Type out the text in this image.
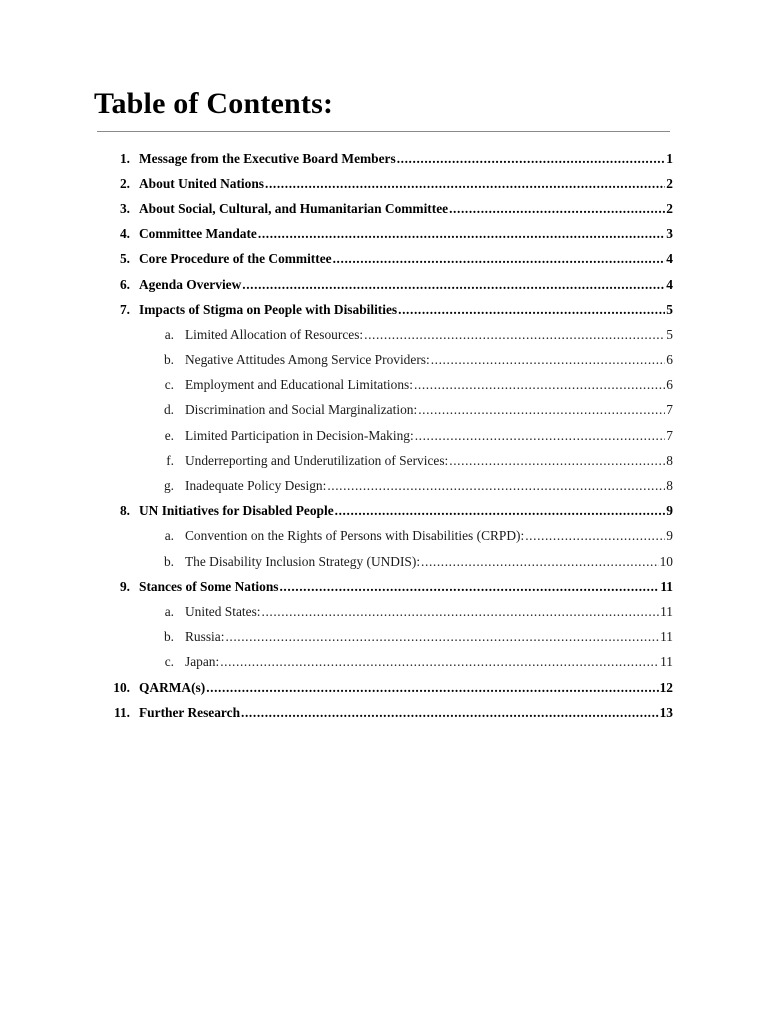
Table of Contents:
1. Message from the Executive Board Members .....	1
2. About United Nations .....	2
3. About Social, Cultural, and Humanitarian Committee .....	2
4. Committee Mandate .....	3
5. Core Procedure of the Committee .....	4
6. Agenda Overview .....	4
7. Impacts of Stigma on People with Disabilities .....	5
a. Limited Allocation of Resources: .....	5
b. Negative Attitudes Among Service Providers: .....	6
c. Employment and Educational Limitations: .....	6
d. Discrimination and Social Marginalization: .....	7
e. Limited Participation in Decision-Making: .....	7
f. Underreporting and Underutilization of Services: .....	8
g. Inadequate Policy Design: .....	8
8. UN Initiatives for Disabled People .....	9
a. Convention on the Rights of Persons with Disabilities (CRPD): .....	9
b. The Disability Inclusion Strategy (UNDIS): .....	10
9. Stances of Some Nations .....	11
a. United States: .....	11
b. Russia: .....	11
c. Japan: .....	11
10. QARMA(s) .....	12
11. Further Research .....	13
